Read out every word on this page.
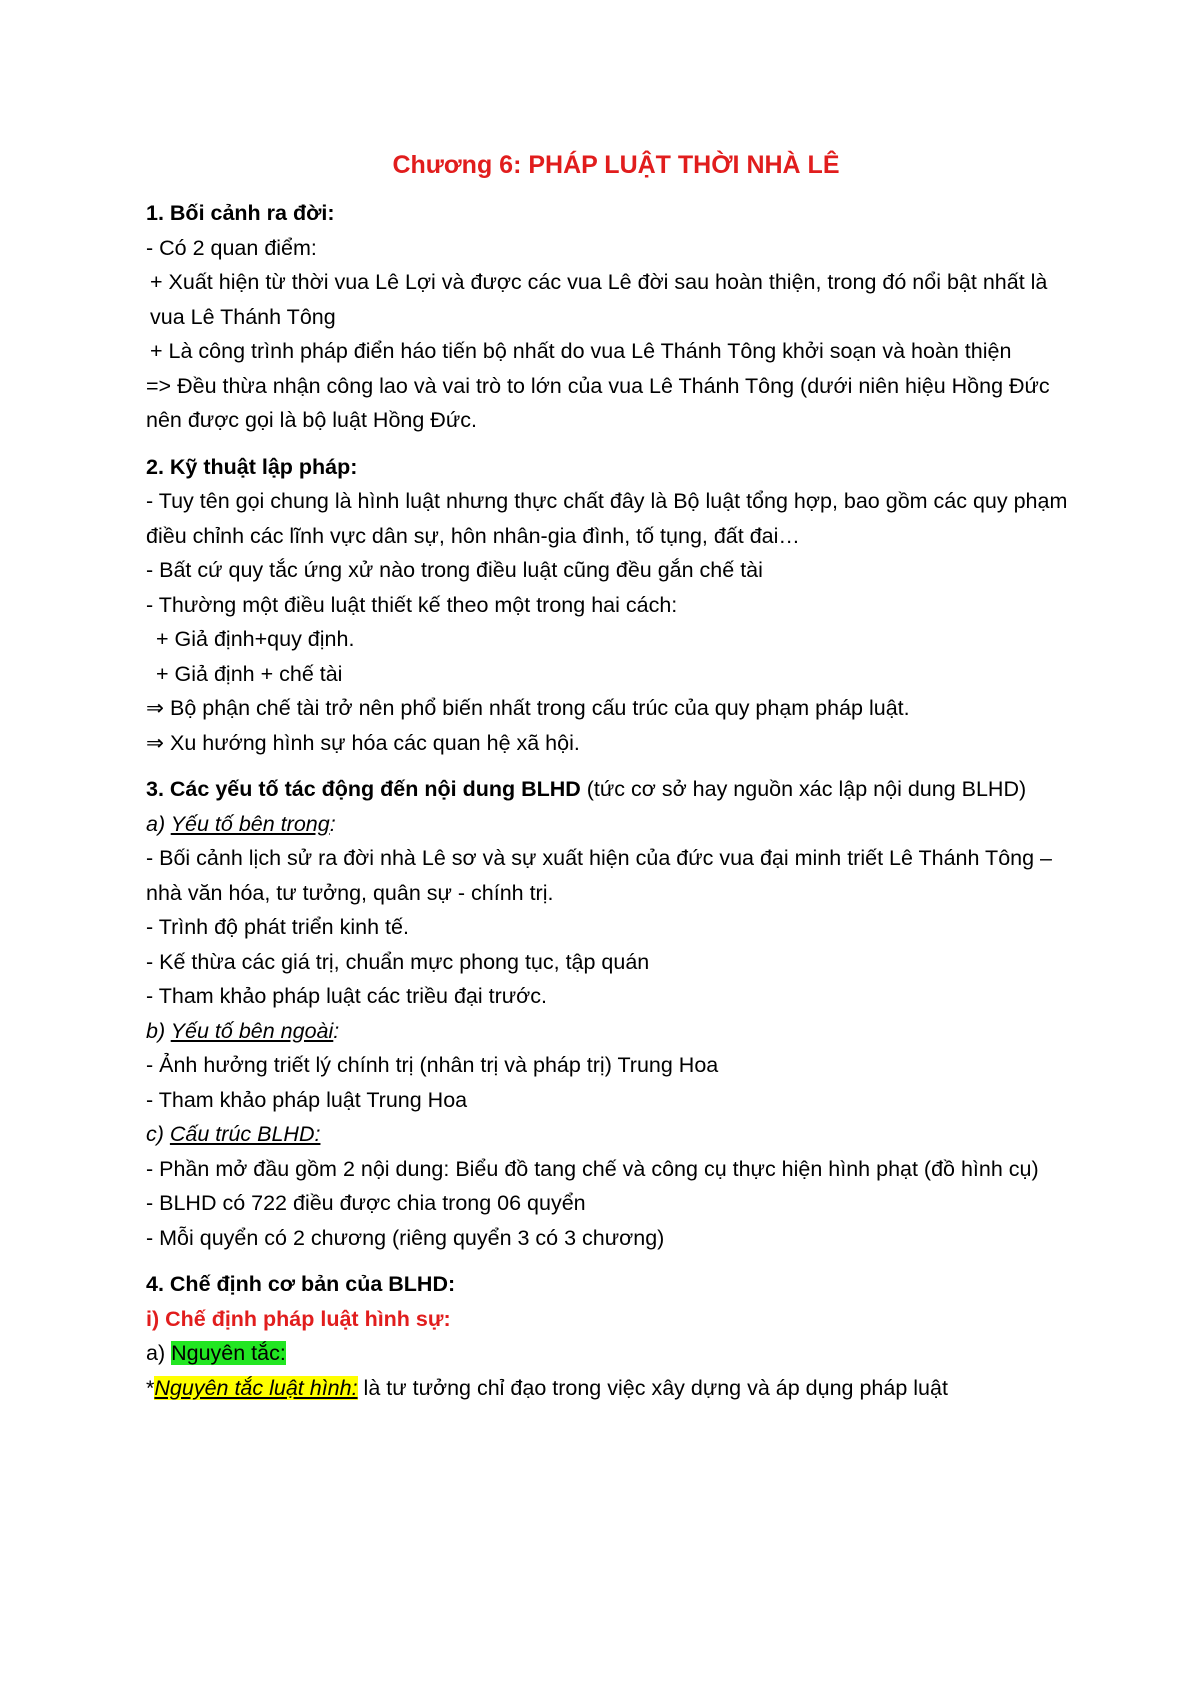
Chương 6: PHÁP LUẬT THỜI NHÀ LÊ

1. Bối cảnh ra đời:

- Có 2 quan điểm:

+ Xuất hiện từ thời vua Lê Lợi và được các vua Lê đời sau hoàn thiện, trong đó nổi bật nhất là vua Lê Thánh Tông

+ Là công trình pháp điển háo tiến bộ nhất do vua Lê Thánh Tông khởi soạn và hoàn thiện

=> Đều thừa nhận công lao và vai trò to lớn của vua Lê Thánh Tông (dưới niên hiệu Hồng Đức nên được gọi là bộ luật Hồng Đức.

2. Kỹ thuật lập pháp:

- Tuy tên gọi chung là hình luật nhưng thực chất đây là Bộ luật tổng hợp, bao gồm các quy phạm điều chỉnh các lĩnh vực dân sự, hôn nhân-gia đình, tố tụng, đất đai…

- Bất cứ quy tắc ứng xử nào trong điều luật cũng đều gắn chế tài

- Thường một điều luật thiết kế theo một trong hai cách:

+ Giả định+quy định.

+ Giả định + chế tài

⇒ Bộ phận chế tài trở nên phổ biến nhất trong cấu trúc của quy phạm pháp luật.

⇒ Xu hướng hình sự hóa các quan hệ xã hội.

3. Các yếu tố tác động đến nội dung BLHD (tức cơ sở hay nguồn xác lập nội dung BLHD)

a) Yếu tố bên trong:

- Bối cảnh lịch sử ra đời nhà Lê sơ và sự xuất hiện của đức vua đại minh triết Lê Thánh Tông – nhà văn hóa, tư tưởng, quân sự - chính trị.

- Trình độ phát triển kinh tế.

- Kế thừa các giá trị, chuẩn mực phong tục, tập quán

- Tham khảo pháp luật các triều đại trước.

b) Yếu tố bên ngoài:

- Ảnh hưởng triết lý chính trị (nhân trị và pháp trị) Trung Hoa

- Tham khảo pháp luật Trung Hoa

c) Cấu trúc BLHD:

- Phần mở đầu gồm 2 nội dung: Biểu đồ tang chế và công cụ thực hiện hình phạt (đồ hình cụ)

- BLHD có 722 điều được chia trong 06 quyển

- Mỗi quyển có 2 chương (riêng quyển 3 có 3 chương)

4. Chế định cơ bản của BLHD:

i) Chế định pháp luật hình sự:

a) Nguyên tắc:

*Nguyên tắc luật hình: là tư tưởng chỉ đạo trong việc xây dựng và áp dụng pháp luật
